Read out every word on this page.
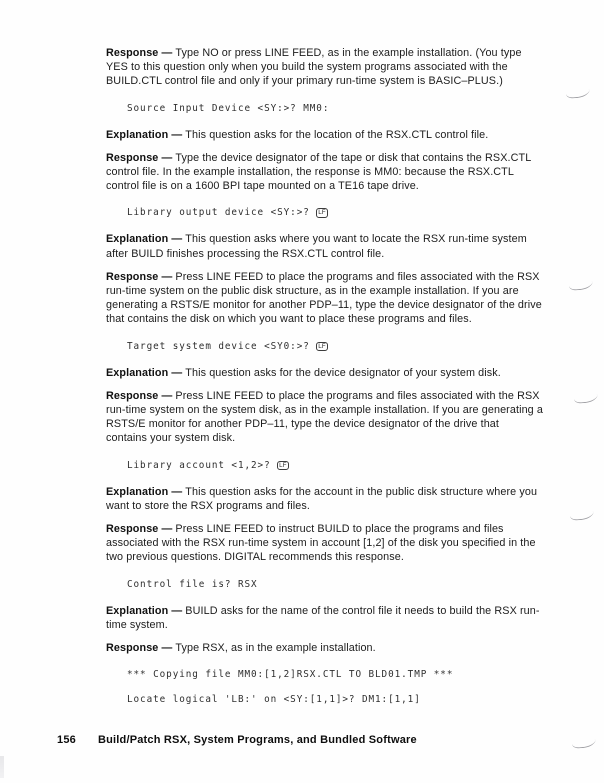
Response — Type NO or press LINE FEED, as in the example installation. (You type YES to this question only when you build the system programs associated with the BUILD.CTL control file and only if your primary run-time system is BASIC–PLUS.)

Source Input Device <SY:>? MM0:

Explanation — This question asks for the location of the RSX.CTL control file.

Response — Type the device designator of the tape or disk that contains the RSX.CTL control file. In the example installation, the response is MM0: because the RSX.CTL control file is on a 1600 BPI tape mounted on a TE16 tape drive.

Library output device <SY:>? LF

Explanation — This question asks where you want to locate the RSX run-time system after BUILD finishes processing the RSX.CTL control file.

Response — Press LINE FEED to place the programs and files associated with the RSX run-time system on the public disk structure, as in the example installation. If you are generating a RSTS/E monitor for another PDP–11, type the device designator of the drive that contains the disk on which you want to place these programs and files.

Target system device <SY0:>? LF

Explanation — This question asks for the device designator of your system disk.

Response — Press LINE FEED to place the programs and files associated with the RSX run-time system on the system disk, as in the example installation. If you are generating a RSTS/E monitor for another PDP–11, type the device designator of the drive that contains your system disk.

Library account <1,2>? LF

Explanation — This question asks for the account in the public disk structure where you want to store the RSX programs and files.

Response — Press LINE FEED to instruct BUILD to place the programs and files associated with the RSX run-time system in account [1,2] of the disk you specified in the two previous questions. DIGITAL recommends this response.

Control file is? RSX

Explanation — BUILD asks for the name of the control file it needs to build the RSX run-time system.

Response — Type RSX, as in the example installation.

*** Copying file MM0:[1,2]RSX.CTL TO BLD01.TMP ***
Locate logical 'LB:' on <SY:[1,1]>? DM1:[1,1]
156 Build/Patch RSX, System Programs, and Bundled Software
